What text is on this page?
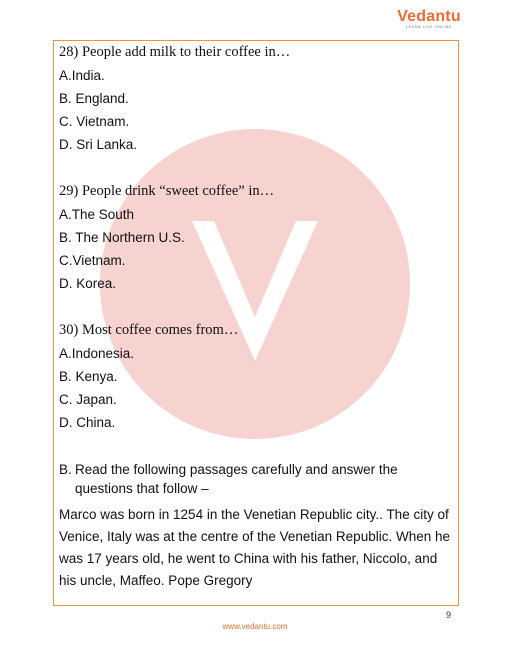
Vedantu
LEARN LIVE ONLINE
28) People add milk to their coffee in…
A.India.
B. England.
C. Vietnam.
D. Sri Lanka.
29) People drink “sweet coffee” in…
A.The South
B. The Northern U.S.
C.Vietnam.
D. Korea.
30) Most coffee comes from…
A.Indonesia.
B. Kenya.
C. Japan.
D. China.
B. Read the following passages carefully and answer the
questions that follow –
Marco was born in 1254 in the Venetian Republic city.. The city of Venice, Italy was at the centre of the Venetian Republic. When he was 17 years old, he went to China with his father, Niccolo, and his uncle, Maffeo. Pope Gregory
9
www.vedantu.com
